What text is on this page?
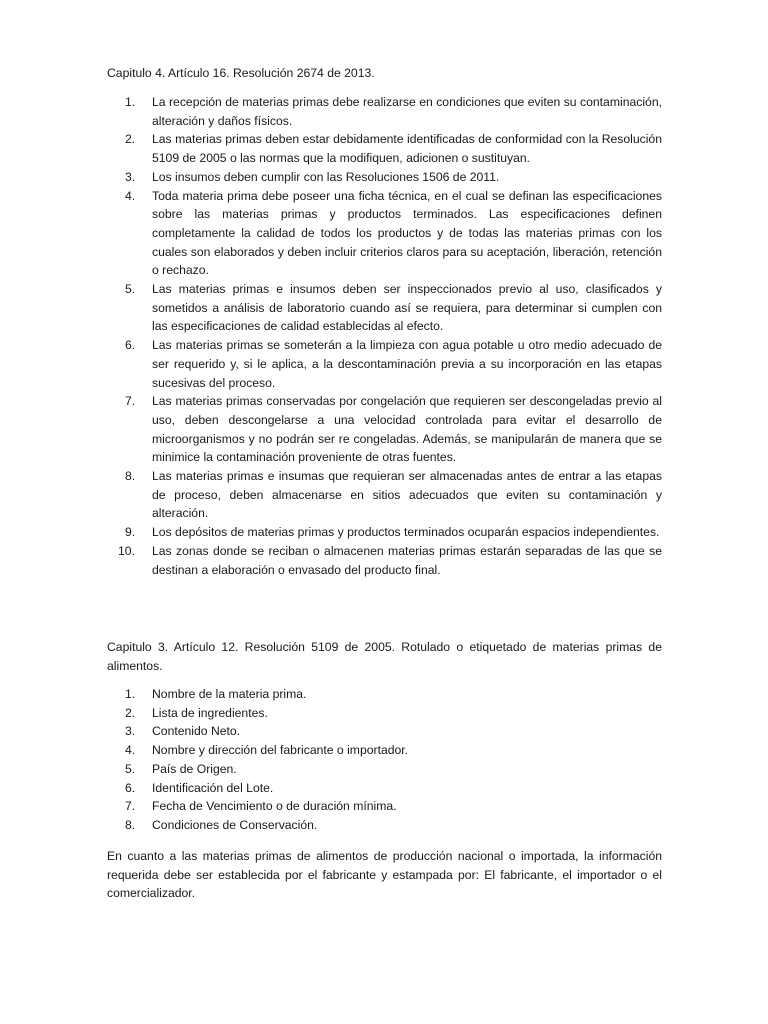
Capitulo 4. Artículo 16. Resolución 2674 de 2013.

1. La recepción de materias primas debe realizarse en condiciones que eviten su contaminación, alteración y daños físicos.
2. Las materias primas deben estar debidamente identificadas de conformidad con la Resolución 5109 de 2005 o las normas que la modifiquen, adicionen o sustituyan.
3. Los insumos deben cumplir con las Resoluciones 1506 de 2011.
4. Toda materia prima debe poseer una ficha técnica, en el cual se definan las especificaciones sobre las materias primas y productos terminados. Las especificaciones definen completamente la calidad de todos los productos y de todas las materias primas con los cuales son elaborados y deben incluir criterios claros para su aceptación, liberación, retención o rechazo.
5. Las materias primas e insumos deben ser inspeccionados previo al uso, clasificados y sometidos a análisis de laboratorio cuando así se requiera, para determinar si cumplen con las especificaciones de calidad establecidas al efecto.
6. Las materias primas se someterán a la limpieza con agua potable u otro medio adecuado de ser requerido y, si le aplica, a la descontaminación previa a su incorporación en las etapas sucesivas del proceso.
7. Las materias primas conservadas por congelación que requieren ser descongeladas previo al uso, deben descongelarse a una velocidad controlada para evitar el desarrollo de microorganismos y no podrán ser re congeladas. Además, se manipularán de manera que se minimice la contaminación proveniente de otras fuentes.
8. Las materias primas e insumas que requieran ser almacenadas antes de entrar a las etapas de proceso, deben almacenarse en sitios adecuados que eviten su contaminación y alteración.
9. Los depósitos de materias primas y productos terminados ocuparán espacios independientes.
10. Las zonas donde se reciban o almacenen materias primas estarán separadas de las que se destinan a elaboración o envasado del producto final.

Capitulo 3. Artículo 12. Resolución 5109 de 2005. Rotulado o etiquetado de materias primas de alimentos.

1. Nombre de la materia prima.
2. Lista de ingredientes.
3. Contenido Neto.
4. Nombre y dirección del fabricante o importador.
5. País de Origen.
6. Identificación del Lote.
7. Fecha de Vencimiento o de duración mínima.
8. Condiciones de Conservación.

En cuanto a las materias primas de alimentos de producción nacional o importada, la información requerida debe ser establecida por el fabricante y estampada por: El fabricante, el importador o el comercializador.
